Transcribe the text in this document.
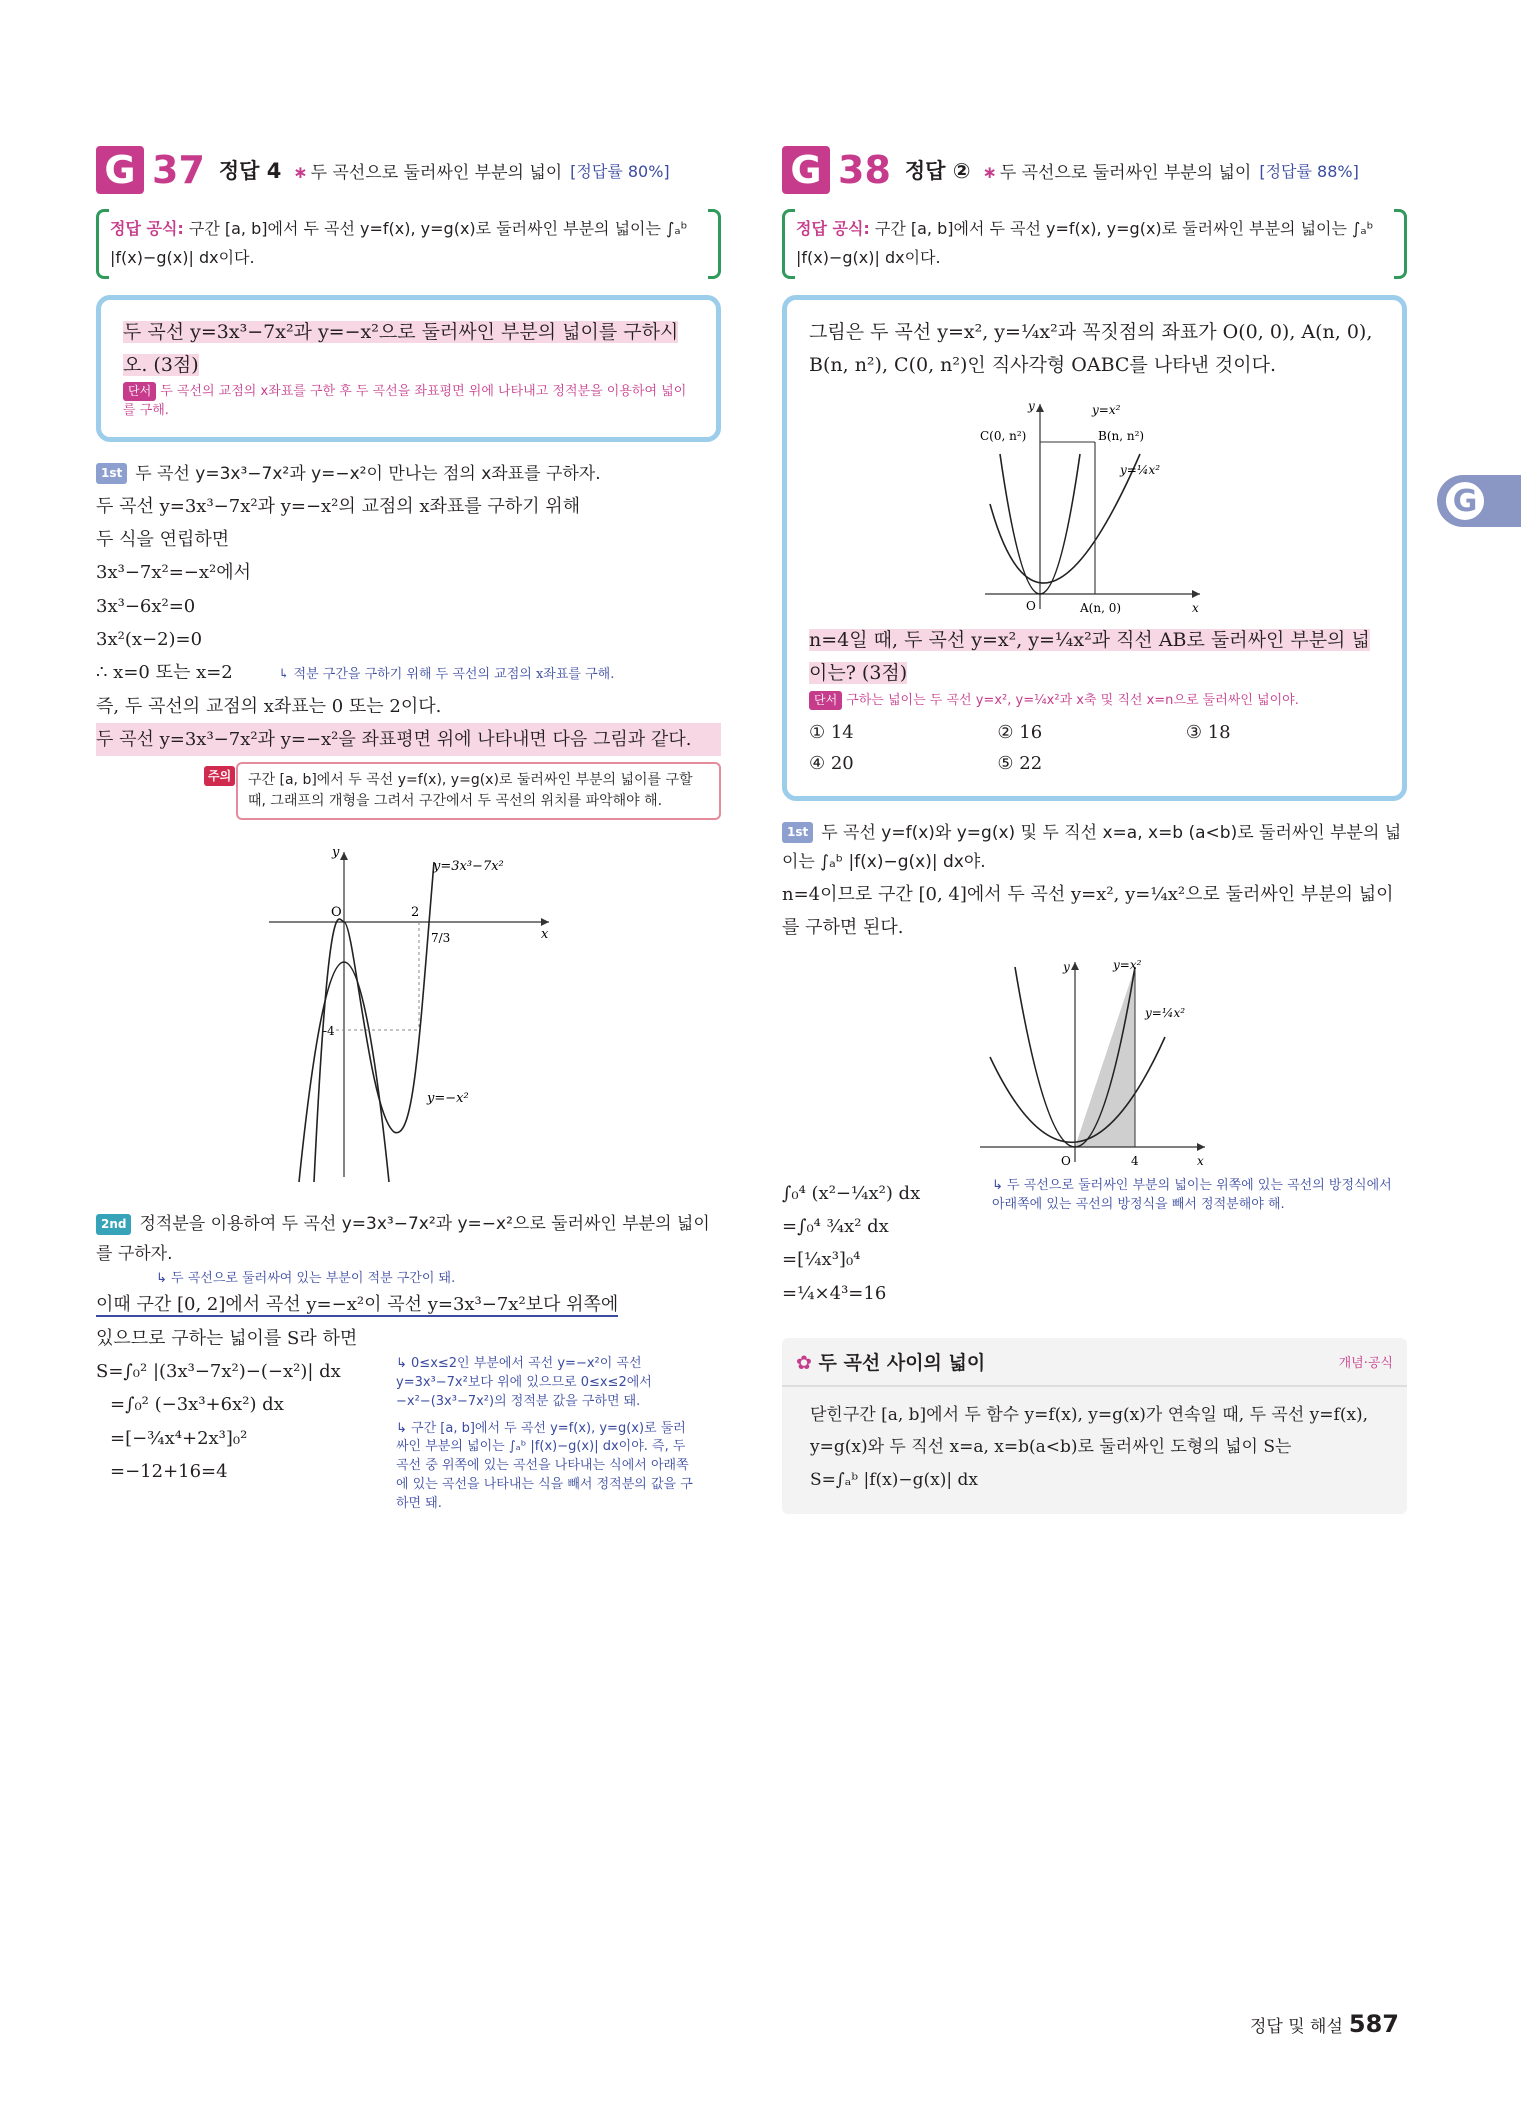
G 37 정답 4 ∗ 두 곡선으로 둘러싸인 부분의 넓이 [정답률 80%]
정답 공식: 구간 [a, b]에서 두 곡선 y=f(x), y=g(x)로 둘러싸인 부분의 넓이는 ∫ₐᵇ |f(x)−g(x)| dx이다.
두 곡선 y=3x³−7x²과 y=−x²으로 둘러싸인 부분의 넓이를 구하시오. (3점)
단서 두 곡선의 교점의 x좌표를 구한 후 두 곡선을 좌표평면 위에 나타내고 정적분을 이용하여 넓이를 구해.
1st 두 곡선 y=3x³−7x²과 y=−x²이 만나는 점의 x좌표를 구하자.
두 곡선 y=3x³−7x²과 y=−x²의 교점의 x좌표를 구하기 위해
두 식을 연립하면
3x³−7x²=−x²에서
3x³−6x²=0
3x²(x−2)=0
∴ x=0 또는 x=2	↳ 적분 구간을 구하기 위해 두 곡선의 교점의 x좌표를 구해.
즉, 두 곡선의 교점의 x좌표는 0 또는 2이다.
두 곡선 y=3x³−7x²과 y=−x²을 좌표평면 위에 나타내면 다음 그림과 같다.
주의 구간 [a, b]에서 두 곡선 y=f(x), y=g(x)로 둘러싸인 부분의 넓이를 구할 때, 그래프의 개형을 그려서 구간에서 두 곡선의 위치를 파악해야 해.
y=3x³−7x²
y=−x²
y
x
O	2
7/3
-4
2nd 정적분을 이용하여 두 곡선 y=3x³−7x²과 y=−x²으로 둘러싸인 부분의 넓이를 구하자.
↳ 두 곡선으로 둘러싸여 있는 부분이 적분 구간이 돼.
이때 구간 [0, 2]에서 곡선 y=−x²이 곡선 y=3x³−7x²보다 위쪽에
있으므로 구하는 넓이를 S라 하면
S=∫₀² |(3x³−7x²)−(−x²)| dx
=∫₀² (−3x³+6x²) dx
=[−¾x⁴+2x³]₀²
=−12+16=4
↳ 0≤x≤2인 부분에서 곡선 y=−x²이 곡선 y=3x³−7x²보다 위에 있으므로 0≤x≤2에서 −x²−(3x³−7x²)의 정적분 값을 구하면 돼.
↳ 구간 [a, b]에서 두 곡선 y=f(x), y=g(x)로 둘러싸인 부분의 넓이는 ∫ₐᵇ |f(x)−g(x)| dx이야. 즉, 두 곡선 중 위쪽에 있는 곡선을 나타내는 식에서 아래쪽에 있는 곡선을 나타내는 식을 빼서 정적분의 값을 구하면 돼.
G 38 정답 ② ∗ 두 곡선으로 둘러싸인 부분의 넓이 [정답률 88%]
정답 공식: 구간 [a, b]에서 두 곡선 y=f(x), y=g(x)로 둘러싸인 부분의 넓이는 ∫ₐᵇ |f(x)−g(x)| dx이다.
그림은 두 곡선 y=x², y=¼x²과 꼭짓점의 좌표가 O(0, 0), A(n, 0), B(n, n²), C(0, n²)인 직사각형 OABC를 나타낸 것이다.
C(0, n²)	B(n, n²)
A(n, 0)
O
y=x²
y=¼x²
x
y
n=4일 때, 두 곡선 y=x², y=¼x²과 직선 AB로 둘러싸인 부분의 넓이는? (3점)
단서 구하는 넓이는 두 곡선 y=x², y=¼x²과 x축 및 직선 x=n으로 둘러싸인 넓이야.
① 14	② 16	③ 18
④ 20	⑤ 22
1st 두 곡선 y=f(x)와 y=g(x) 및 두 직선 x=a, x=b (a<b)로 둘러싸인 부분의 넓이는 ∫ₐᵇ |f(x)−g(x)| dx야.
n=4이므로 구간 [0, 4]에서 두 곡선 y=x², y=¼x²으로 둘러싸인 부분의 넓이를 구하면 된다.
y=x²
y=¼x²
O	4	x
y
∫₀⁴ (x²−¼x²) dx
=∫₀⁴ ¾x² dx
=[¼x³]₀⁴
=¼×4³=16
↳ 두 곡선으로 둘러싸인 부분의 넓이는 위쪽에 있는 곡선의 방정식에서 아래쪽에 있는 곡선의 방정식을 빼서 정적분해야 해.
✿ 두 곡선 사이의 넓이	개념·공식
닫힌구간 [a, b]에서 두 함수 y=f(x), y=g(x)가 연속일 때, 두 곡선 y=f(x), y=g(x)와 두 직선 x=a, x=b(a<b)로 둘러싸인 도형의 넓이 S는
S=∫ₐᵇ |f(x)−g(x)| dx
G
정답 및 해설 587
